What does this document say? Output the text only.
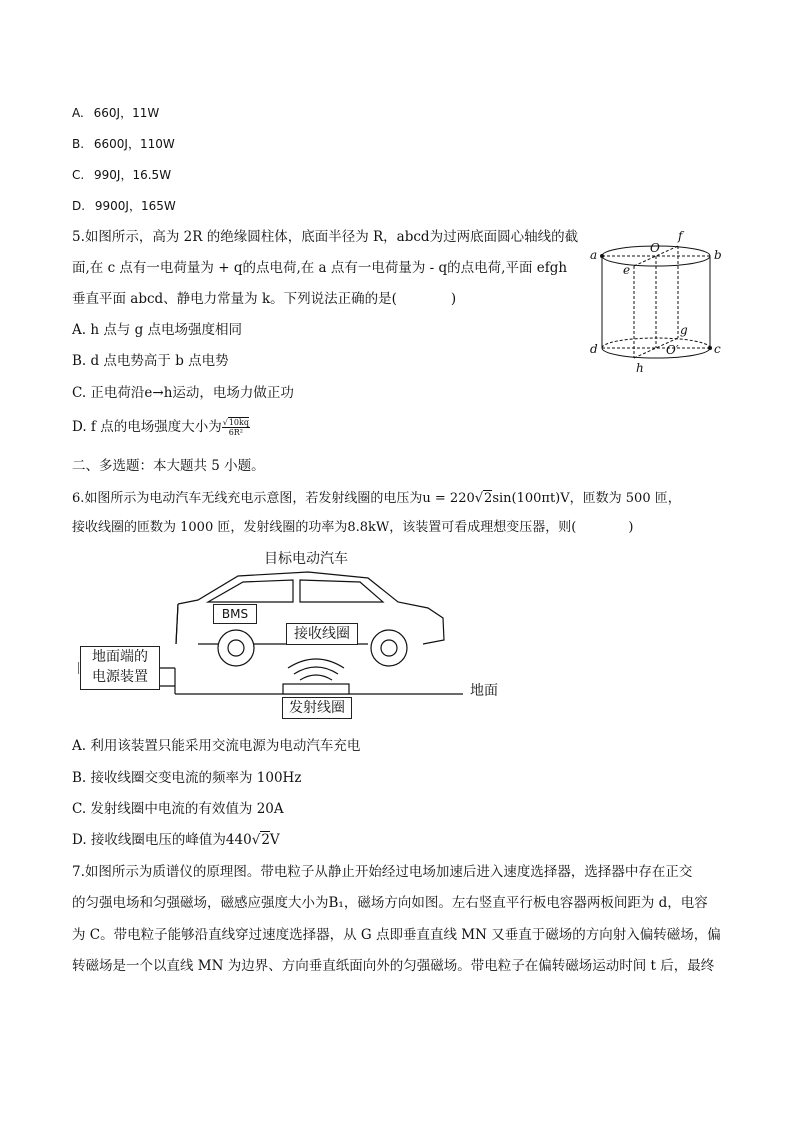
A. 660J，11W
B. 6600J，110W
C. 990J，16.5W
D. 9900J，165W
5.如图所示，高为 2R 的绝缘圆柱体，底面半径为 R，abcd为过两底面圆心轴线的截
面,在 c 点有一电荷量为 + q的点电荷,在 a 点有一电荷量为 - q的点电荷,平面 efgh
垂直平面 abcd、静电力常量为 k。下列说法正确的是(　　　　)
A. h 点与 g 点电场强度相同
B. d 点电势高于 b 点电势
C. 正电荷沿e→h运动，电场力做正功
D. f 点的电场强度大小为 $\frac{√10kq}{\text{6R²}}$
a	b
c
d
e
f
g
h
O
O′
二、多选题：本大题共 5 小题。
6.如图所示为电动汽车无线充电示意图，若发射线圈的电压为u = 220√2sin(100πt)V，匝数为 500 匝，
接收线圈的匝数为 1000 匝，发射线圈的功率为8.8kW，该装置可看成理想变压器，则(　　　　)
目标电动汽车
BMS
接收线圈
地面端的
电源装置
地面
发射线圈
A. 利用该装置只能采用交流电源为电动汽车充电
B. 接收线圈交变电流的频率为 100Hz
C. 发射线圈中电流的有效值为 20A
D. 接收线圈电压的峰值为440√2V
7.如图所示为质谱仪的原理图。带电粒子从静止开始经过电场加速后进入速度选择器，选择器中存在正交
的匀强电场和匀强磁场，磁感应强度大小为B₁，磁场方向如图。左右竖直平行板电容器两板间距为 d，电容
为 C。带电粒子能够沿直线穿过速度选择器，从 G 点即垂直直线 MN 又垂直于磁场的方向射入偏转磁场，偏
转磁场是一个以直线 MN 为边界、方向垂直纸面向外的匀强磁场。带电粒子在偏转磁场运动时间 t 后，最终
